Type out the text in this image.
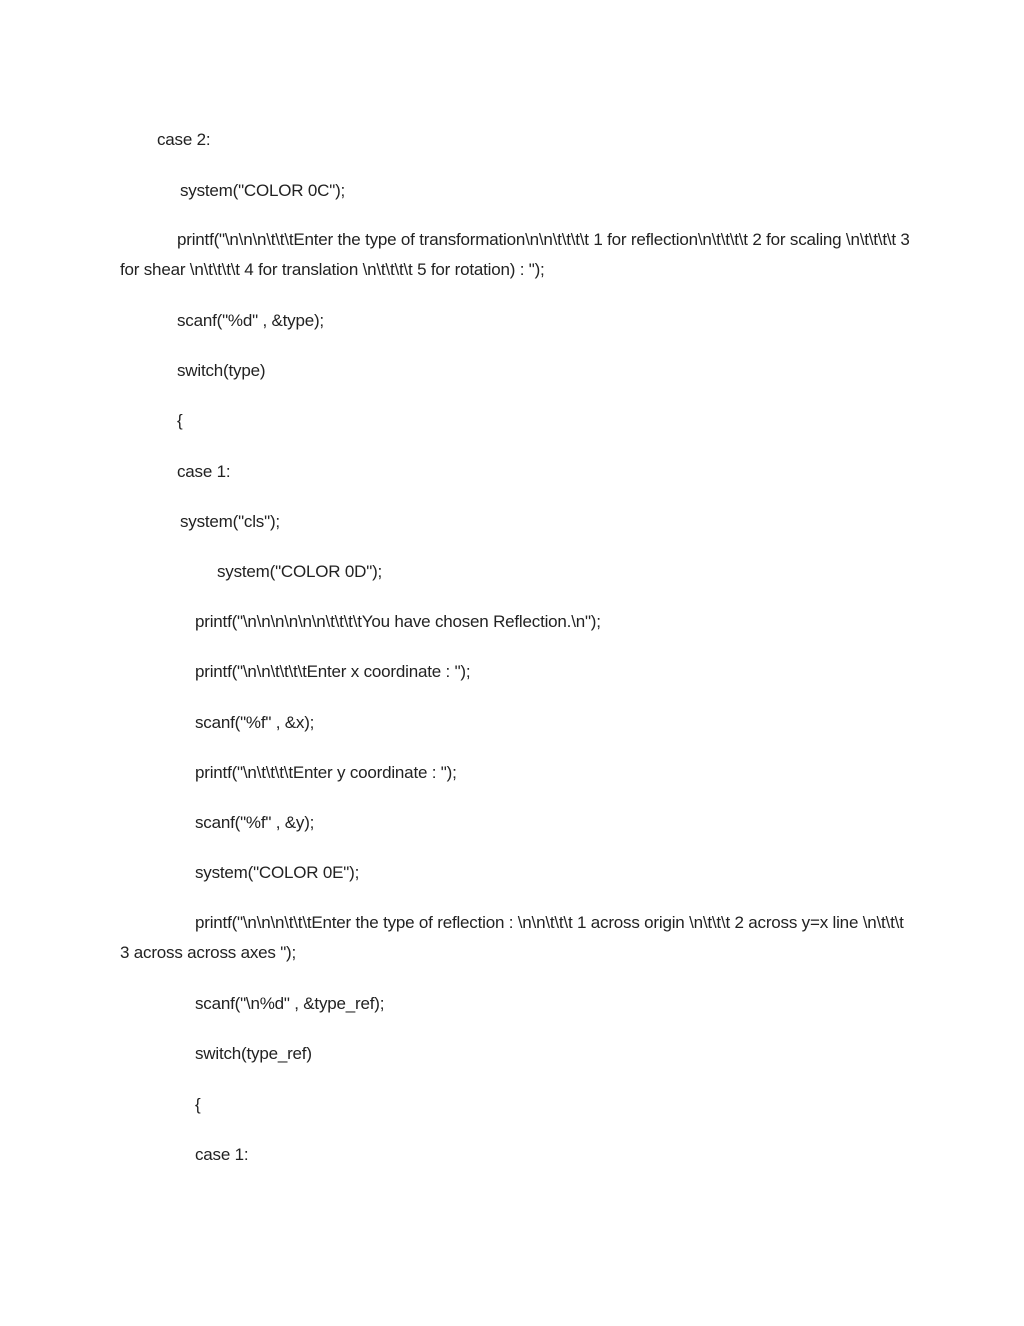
case 2:

system("COLOR 0C");

printf("\n\n\n\t\t\tEnter the type of transformation\n\n\t\t\t\t 1 for reflection\n\t\t\t\t 2 for scaling \n\t\t\t\t 3 for shear \n\t\t\t\t 4 for translation \n\t\t\t\t 5 for rotation) : ");

scanf("%d" , &type);

switch(type)

{

case 1:

system("cls");

system("COLOR 0D");

printf("\n\n\n\n\n\n\t\t\t\tYou have chosen Reflection.\n");

printf("\n\n\t\t\t\tEnter x coordinate : ");

scanf("%f" , &x);

printf("\n\t\t\t\tEnter y coordinate : ");

scanf("%f" , &y);

system("COLOR 0E");

printf("\n\n\n\t\t\tEnter the type of reflection : \n\n\t\t\t 1 across origin \n\t\t\t 2 across y=x line \n\t\t\t 3 across across axes ");

scanf("\n%d" , &type_ref);

switch(type_ref)

{

case 1:
